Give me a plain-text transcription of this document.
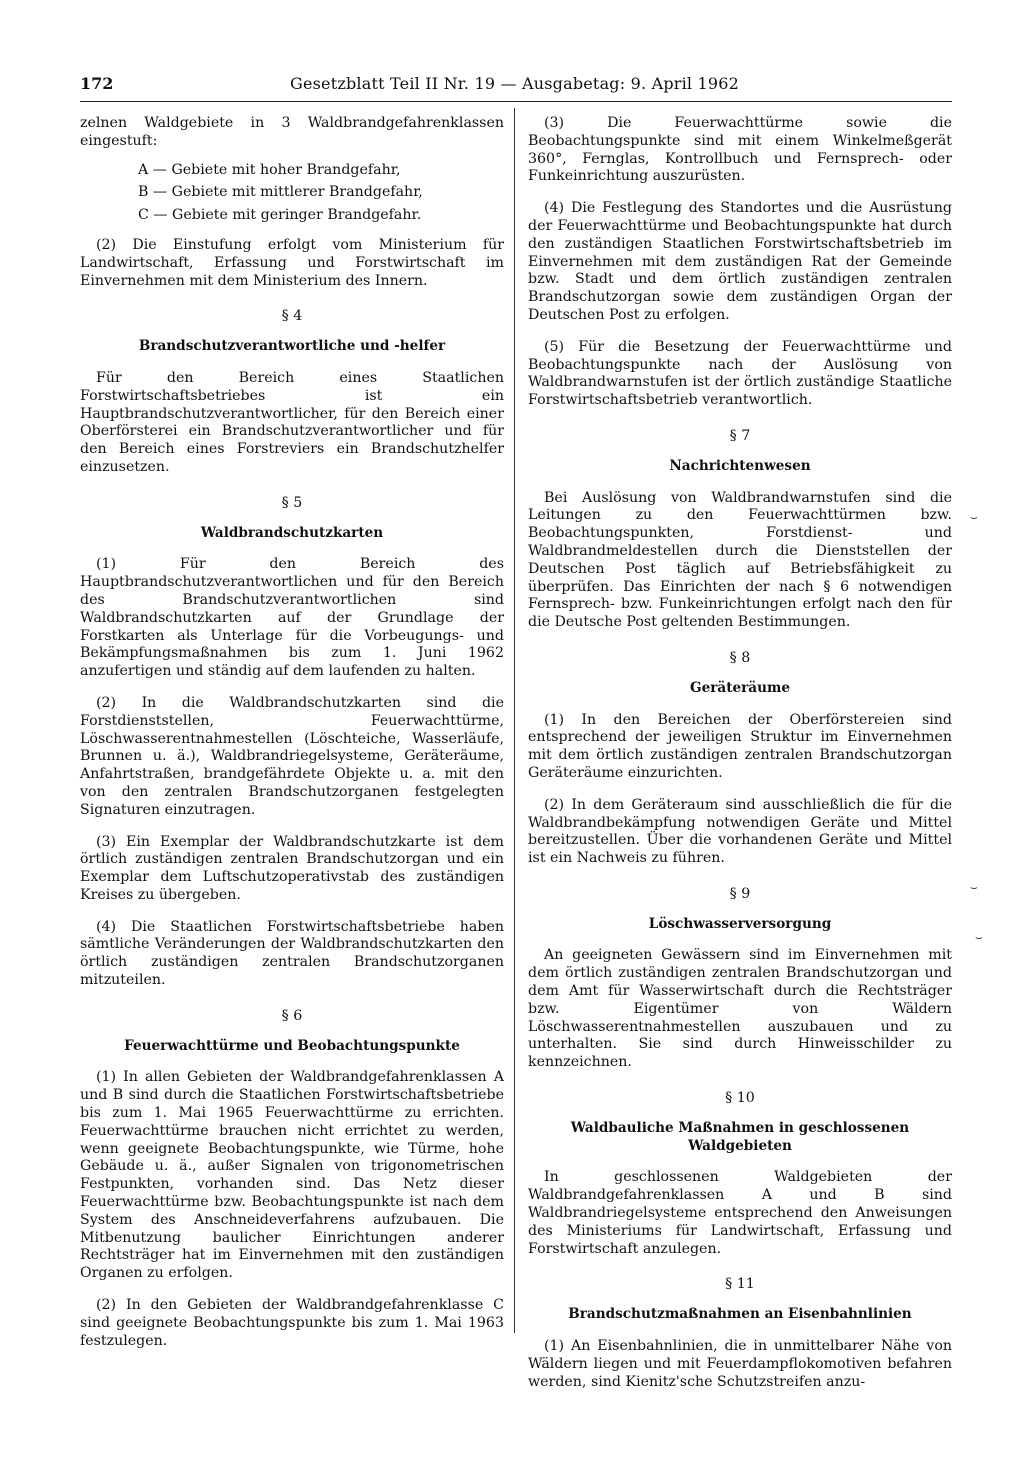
172	Gesetzblatt Teil II Nr. 19 — Ausgabetag: 9. April 1962

zelnen Waldgebiete in 3 Waldbrandgefahrenklassen eingestuft:

A — Gebiete mit hoher Brandgefahr,
B — Gebiete mit mittlerer Brandgefahr,
C — Gebiete mit geringer Brandgefahr.

(2) Die Einstufung erfolgt vom Ministerium für Landwirtschaft, Erfassung und Forstwirtschaft im Einvernehmen mit dem Ministerium des Innern.

§ 4
Brandschutzverantwortliche und -helfer

Für den Bereich eines Staatlichen Forstwirtschaftsbetriebes ist ein Hauptbrandschutzverantwortlicher, für den Bereich einer Oberförsterei ein Brandschutzverantwortlicher und für den Bereich eines Forstreviers ein Brandschutzhelfer einzusetzen.

§ 5
Waldbrandschutzkarten

(1) Für den Bereich des Hauptbrandschutzverantwortlichen und für den Bereich des Brandschutzverantwortlichen sind Waldbrandschutzkarten auf der Grundlage der Forstkarten als Unterlage für die Vorbeugungs- und Bekämpfungsmaßnahmen bis zum 1. Juni 1962 anzufertigen und ständig auf dem laufenden zu halten.

(2) In die Waldbrandschutzkarten sind die Forstdienststellen, Feuerwachttürme, Löschwasserentnahmestellen (Löschteiche, Wasserläufe, Brunnen u. ä.), Waldbrandriegelsysteme, Geräteräume, Anfahrtstraßen, brandgefährdete Objekte u. a. mit den von den zentralen Brandschutzorganen festgelegten Signaturen einzutragen.

(3) Ein Exemplar der Waldbrandschutzkarte ist dem örtlich zuständigen zentralen Brandschutzorgan und ein Exemplar dem Luftschutzoperativstab des zuständigen Kreises zu übergeben.

(4) Die Staatlichen Forstwirtschaftsbetriebe haben sämtliche Veränderungen der Waldbrandschutzkarten den örtlich zuständigen zentralen Brandschutzorganen mitzuteilen.

§ 6
Feuerwachttürme und Beobachtungspunkte

(1) In allen Gebieten der Waldbrandgefahrenklassen A und B sind durch die Staatlichen Forstwirtschaftsbetriebe bis zum 1. Mai 1965 Feuerwachttürme zu errichten. Feuerwachttürme brauchen nicht errichtet zu werden, wenn geeignete Beobachtungspunkte, wie Türme, hohe Gebäude u. ä., außer Signalen von trigonometrischen Festpunkten, vorhanden sind. Das Netz dieser Feuerwachttürme bzw. Beobachtungspunkte ist nach dem System des Anschneideverfahrens aufzubauen. Die Mitbenutzung baulicher Einrichtungen anderer Rechtsträger hat im Einvernehmen mit den zuständigen Organen zu erfolgen.

(2) In den Gebieten der Waldbrandgefahrenklasse C sind geeignete Beobachtungspunkte bis zum 1. Mai 1963 festzulegen.

(3) Die Feuerwachttürme sowie die Beobachtungspunkte sind mit einem Winkelmeßgerät 360°, Fernglas, Kontrollbuch und Fernsprech- oder Funkeinrichtung auszurüsten.

(4) Die Festlegung des Standortes und die Ausrüstung der Feuerwachttürme und Beobachtungspunkte hat durch den zuständigen Staatlichen Forstwirtschaftsbetrieb im Einvernehmen mit dem zuständigen Rat der Gemeinde bzw. Stadt und dem örtlich zuständigen zentralen Brandschutzorgan sowie dem zuständigen Organ der Deutschen Post zu erfolgen.

(5) Für die Besetzung der Feuerwachttürme und Beobachtungspunkte nach der Auslösung von Waldbrandwarnstufen ist der örtlich zuständige Staatliche Forstwirtschaftsbetrieb verantwortlich.

§ 7
Nachrichtenwesen

Bei Auslösung von Waldbrandwarnstufen sind die Leitungen zu den Feuerwachttürmen bzw. Beobachtungspunkten, Forstdienst- und Waldbrandmeldestellen durch die Dienststellen der Deutschen Post täglich auf Betriebsfähigkeit zu überprüfen. Das Einrichten der nach § 6 notwendigen Fernsprech- bzw. Funkeinrichtungen erfolgt nach den für die Deutsche Post geltenden Bestimmungen.

§ 8
Geräteräume

(1) In den Bereichen der Oberförstereien sind entsprechend der jeweiligen Struktur im Einvernehmen mit dem örtlich zuständigen zentralen Brandschutzorgan Geräteräume einzurichten.

(2) In dem Geräteraum sind ausschließlich die für die Waldbrandbekämpfung notwendigen Geräte und Mittel bereitzustellen. Über die vorhandenen Geräte und Mittel ist ein Nachweis zu führen.

§ 9
Löschwasserversorgung

An geeigneten Gewässern sind im Einvernehmen mit dem örtlich zuständigen zentralen Brandschutzorgan und dem Amt für Wasserwirtschaft durch die Rechtsträger bzw. Eigentümer von Wäldern Löschwasserentnahmestellen auszubauen und zu unterhalten. Sie sind durch Hinweisschilder zu kennzeichnen.

§ 10
Waldbauliche Maßnahmen in geschlossenen Waldgebieten

In geschlossenen Waldgebieten der Waldbrandgefahrenklassen A und B sind Waldbrandriegelsysteme entsprechend den Anweisungen des Ministeriums für Landwirtschaft, Erfassung und Forstwirtschaft anzulegen.

§ 11
Brandschutzmaßnahmen an Eisenbahnlinien

(1) An Eisenbahnlinien, die in unmittelbarer Nähe von Wäldern liegen und mit Feuerdampflokomotiven befahren werden, sind Kienitz'sche Schutzstreifen anzu-

⌣
⌣
⌣
